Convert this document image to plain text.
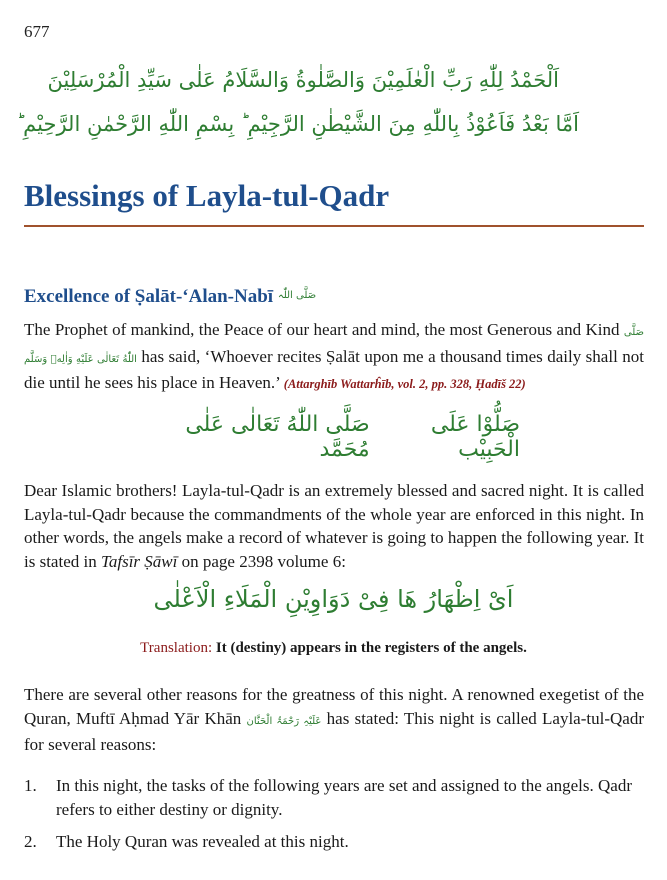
677
اَلْحَمْدُ لِلّٰهِ رَبِّ الْعٰلَمِيْنَ وَالصَّلٰوةُ وَالسَّلَامُ عَلٰى سَيِّدِ الْمُرْسَلِيْنَ
اَمَّا بَعْدُ فَاَعُوْذُ بِاللّٰهِ مِنَ الشَّيْطٰنِ الرَّجِيْمِ ؕ بِسْمِ اللّٰهِ الرَّحْمٰنِ الرَّحِيْمِ ؕ
Blessings of Layla-tul-Qadr
Excellence of Ṣalāt-‘Alan-Nabī $^{صَلَّی اللّٰہ}$

The Prophet of mankind, the Peace of our heart and mind, the most Generous and Kind صَلَّى اللّٰهُ تَعَالٰى عَلَيْهِ وَاٰلِهٖ وَسَلَّم has said, ‘Whoever recites Ṣalāt upon me a thousand times daily shall not die until he sees his place in Heaven.’ (Attarghīb Wattarĥīb, vol. 2, pp. 328, Ḥadīš 22)

صَلُّوْا عَلَى الْحَبِيْب
صَلَّى اللّٰهُ تَعَالٰى عَلٰى مُحَمَّد

Dear Islamic brothers! Layla-tul-Qadr is an extremely blessed and sacred night. It is called Layla-tul-Qadr because the commandments of the whole year are enforced in this night. In other words, the angels make a record of whatever is going to happen the following year. It is stated in Tafsīr Ṣāwī on page 2398 volume 6:

اَیْ اِظْھَارُ ھَا فِیْ دَوَاوِیْنِ الْمَلَاءِ الْاَعْلٰی

Translation: It (destiny) appears in the registers of the angels.

There are several other reasons for the greatness of this night. A renowned exegetist of the Quran, Muftī Aḥmad Yār Khān عَلَیْہِ رَحْمَۃُ الْحَنَّان has stated: This night is called Layla-tul-Qadr for several reasons:

1. In this night, the tasks of the following years are set and assigned to the angels. Qadr refers to either destiny or dignity.
2. The Holy Quran was revealed at this night.
